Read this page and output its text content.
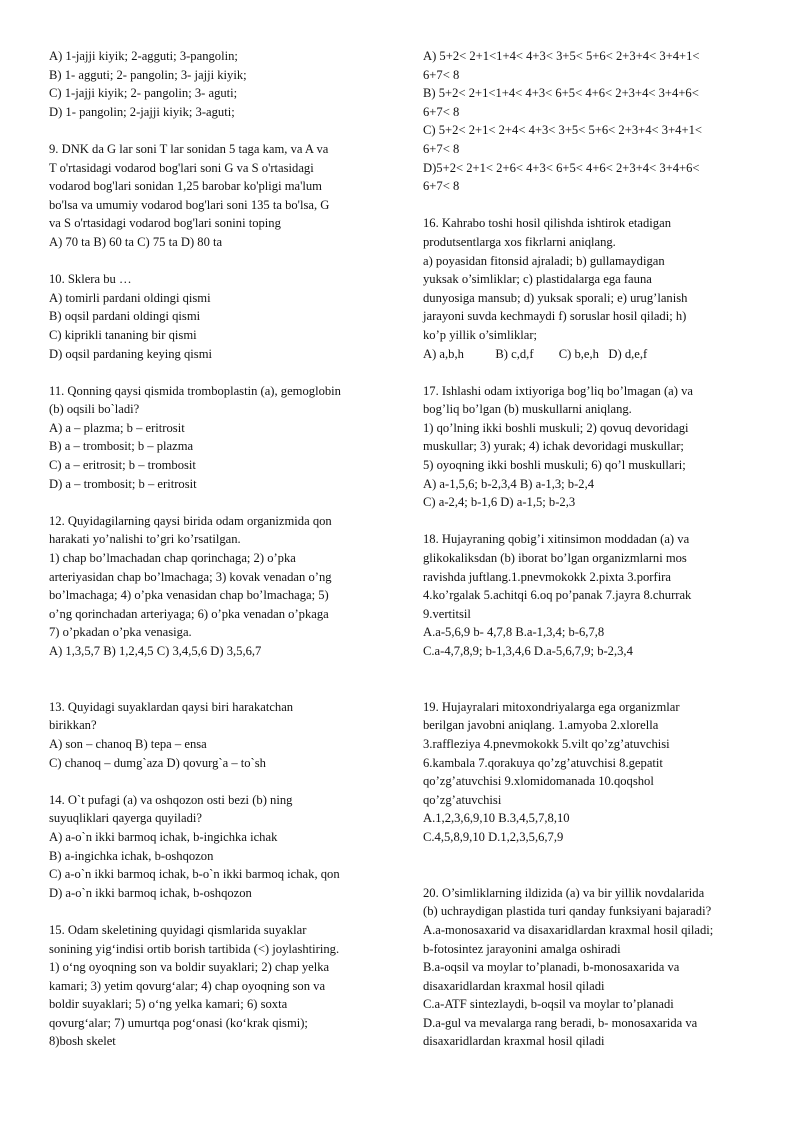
A) 1-jajji kiyik; 2-agguti; 3-pangolin;
B) 1- agguti; 2- pangolin; 3- jajji kiyik;
C) 1-jajji kiyik; 2- pangolin; 3- aguti;
D) 1- pangolin; 2-jajji kiyik; 3-aguti;
9. DNK da G lar soni T lar sonidan 5 taga kam, va A va
T o'rtasidagi vodarod bog'lari soni G va S o'rtasidagi
vodarod bog'lari sonidan 1,25 barobar ko'pligi ma'lum
bo'lsa va umumiy vodarod bog'lari soni 135 ta bo'lsa, G
va S o'rtasidagi vodarod bog'lari sonini toping
A) 70 ta B) 60 ta C) 75 ta D) 80 ta
10. Sklera bu …
A) tomirli pardani oldingi qismi
B) oqsil pardani oldingi qismi
C) kiprikli tananing bir qismi
D) oqsil pardaning keying qismi
11. Qonning qaysi qismida tromboplastin (a), gemoglobin
(b) oqsili bo`ladi?
A) a – plazma; b – eritrosit
B) a – trombosit; b – plazma
C) a – eritrosit; b – trombosit
D) a – trombosit; b – eritrosit
12. Quyidagilarning qaysi birida odam organizmida qon
harakati yo’nalishi to’gri ko’rsatilgan.
1) chap bo’lmachadan chap qorinchaga; 2) o’pka
arteriyasidan chap bo’lmachaga; 3) kovak venadan o’ng
bo’lmachaga; 4) o’pka venasidan chap bo’lmachaga; 5)
o’ng qorinchadan arteriyaga; 6) o’pka venadan o’pkaga
7) o’pkadan o’pka venasiga.
A) 1,3,5,7 B) 1,2,4,5 C) 3,4,5,6 D) 3,5,6,7
13. Quyidagi suyaklardan qaysi biri harakatchan
birikkan?
A) son – chanoq B) tepa – ensa
C) chanoq – dumg`aza D) qovurg`a – to`sh
14. O`t pufagi (a) va oshqozon osti bezi (b) ning
suyuqliklari qayerga quyiladi?
A) a-o`n ikki barmoq ichak, b-ingichka ichak
B) a-ingichka ichak, b-oshqozon
C) a-o`n ikki barmoq ichak, b-o`n ikki barmoq ichak, qon
D) a-o`n ikki barmoq ichak, b-oshqozon
15. Odam skeletining quyidagi qismlarida suyaklar
sonining yig‘indisi ortib borish tartibida (<) joylashtiring.
1) o‘ng oyoqning son va boldir suyaklari; 2) chap yelka
kamari; 3) yetim qovurg‘alar; 4) chap oyoqning son va
boldir suyaklari; 5) o‘ng yelka kamari; 6) soxta
qovurg‘alar; 7) umurtqa pog‘onasi (ko‘krak qismi);
8)bosh skelet
A) 5+2< 2+1<1+4< 4+3< 3+5< 5+6< 2+3+4< 3+4+1<
6+7< 8
B) 5+2< 2+1<1+4< 4+3< 6+5< 4+6< 2+3+4< 3+4+6<
6+7< 8
C) 5+2< 2+1< 2+4< 4+3< 3+5< 5+6< 2+3+4< 3+4+1<
6+7< 8
D)5+2< 2+1< 2+6< 4+3< 6+5< 4+6< 2+3+4< 3+4+6<
6+7< 8
16. Kahrabo toshi hosil qilishda ishtirok etadigan
produtsentlarga xos fikrlarni aniqlang.
a) poyasidan fitonsid ajraladi; b) gullamaydigan
yuksak o’simliklar; c) plastidalarga ega fauna
dunyosiga mansub; d) yuksak sporali; e) urug’lanish
jarayoni suvda kechmaydi f) soruslar hosil qiladi; h)
ko’p yillik o’simliklar;
A) a,b,h          B) c,d,f        C) b,e,h   D) d,e,f
17. Ishlashi odam ixtiyoriga bog’liq bo’lmagan (a) va
bog’liq bo’lgan (b) muskullarni aniqlang.
1) qo’lning ikki boshli muskuli; 2) qovuq devoridagi
muskullar; 3) yurak; 4) ichak devoridagi muskullar;
5) oyoqning ikki boshli muskuli; 6) qo’l muskullari;
A) a-1,5,6; b-2,3,4 B) a-1,3; b-2,4
C) a-2,4; b-1,6 D) a-1,5; b-2,3
18. Hujayraning qobig’i xitinsimon moddadan (a) va
glikokaliksdan (b) iborat bo’lgan organizmlarni mos
ravishda juftlang.1.pnevmokokk 2.pixta 3.porfira
4.ko’rgalak 5.achitqi 6.oq po’panak 7.jayra 8.churrak
9.vertitsil
A.a-5,6,9 b- 4,7,8 B.a-1,3,4; b-6,7,8
C.a-4,7,8,9; b-1,3,4,6 D.a-5,6,7,9; b-2,3,4
19. Hujayralari mitoxondriyalarga ega organizmlar
berilgan javobni aniqlang. 1.amyoba 2.xlorella
3.raffleziya 4.pnevmokokk 5.vilt qo’zg’atuvchisi
6.kambala 7.qorakuya qo’zg’atuvchisi 8.gepatit
qo’zg’atuvchisi 9.xlomidomanada 10.qoqshol
qo’zg’atuvchisi
A.1,2,3,6,9,10 B.3,4,5,7,8,10
C.4,5,8,9,10 D.1,2,3,5,6,7,9
20. O’simliklarning ildizida (a) va bir yillik novdalarida
(b) uchraydigan plastida turi qanday funksiyani bajaradi?
A.a-monosaxarid va disaxaridlardan kraxmal hosil qiladi;
b-fotosintez jarayonini amalga oshiradi
B.a-oqsil va moylar to’planadi, b-monosaxarida va
disaxaridlardan kraxmal hosil qiladi
C.a-ATF sintezlaydi, b-oqsil va moylar to’planadi
D.a-gul va mevalarga rang beradi, b- monosaxarida va
disaxaridlardan kraxmal hosil qiladi
